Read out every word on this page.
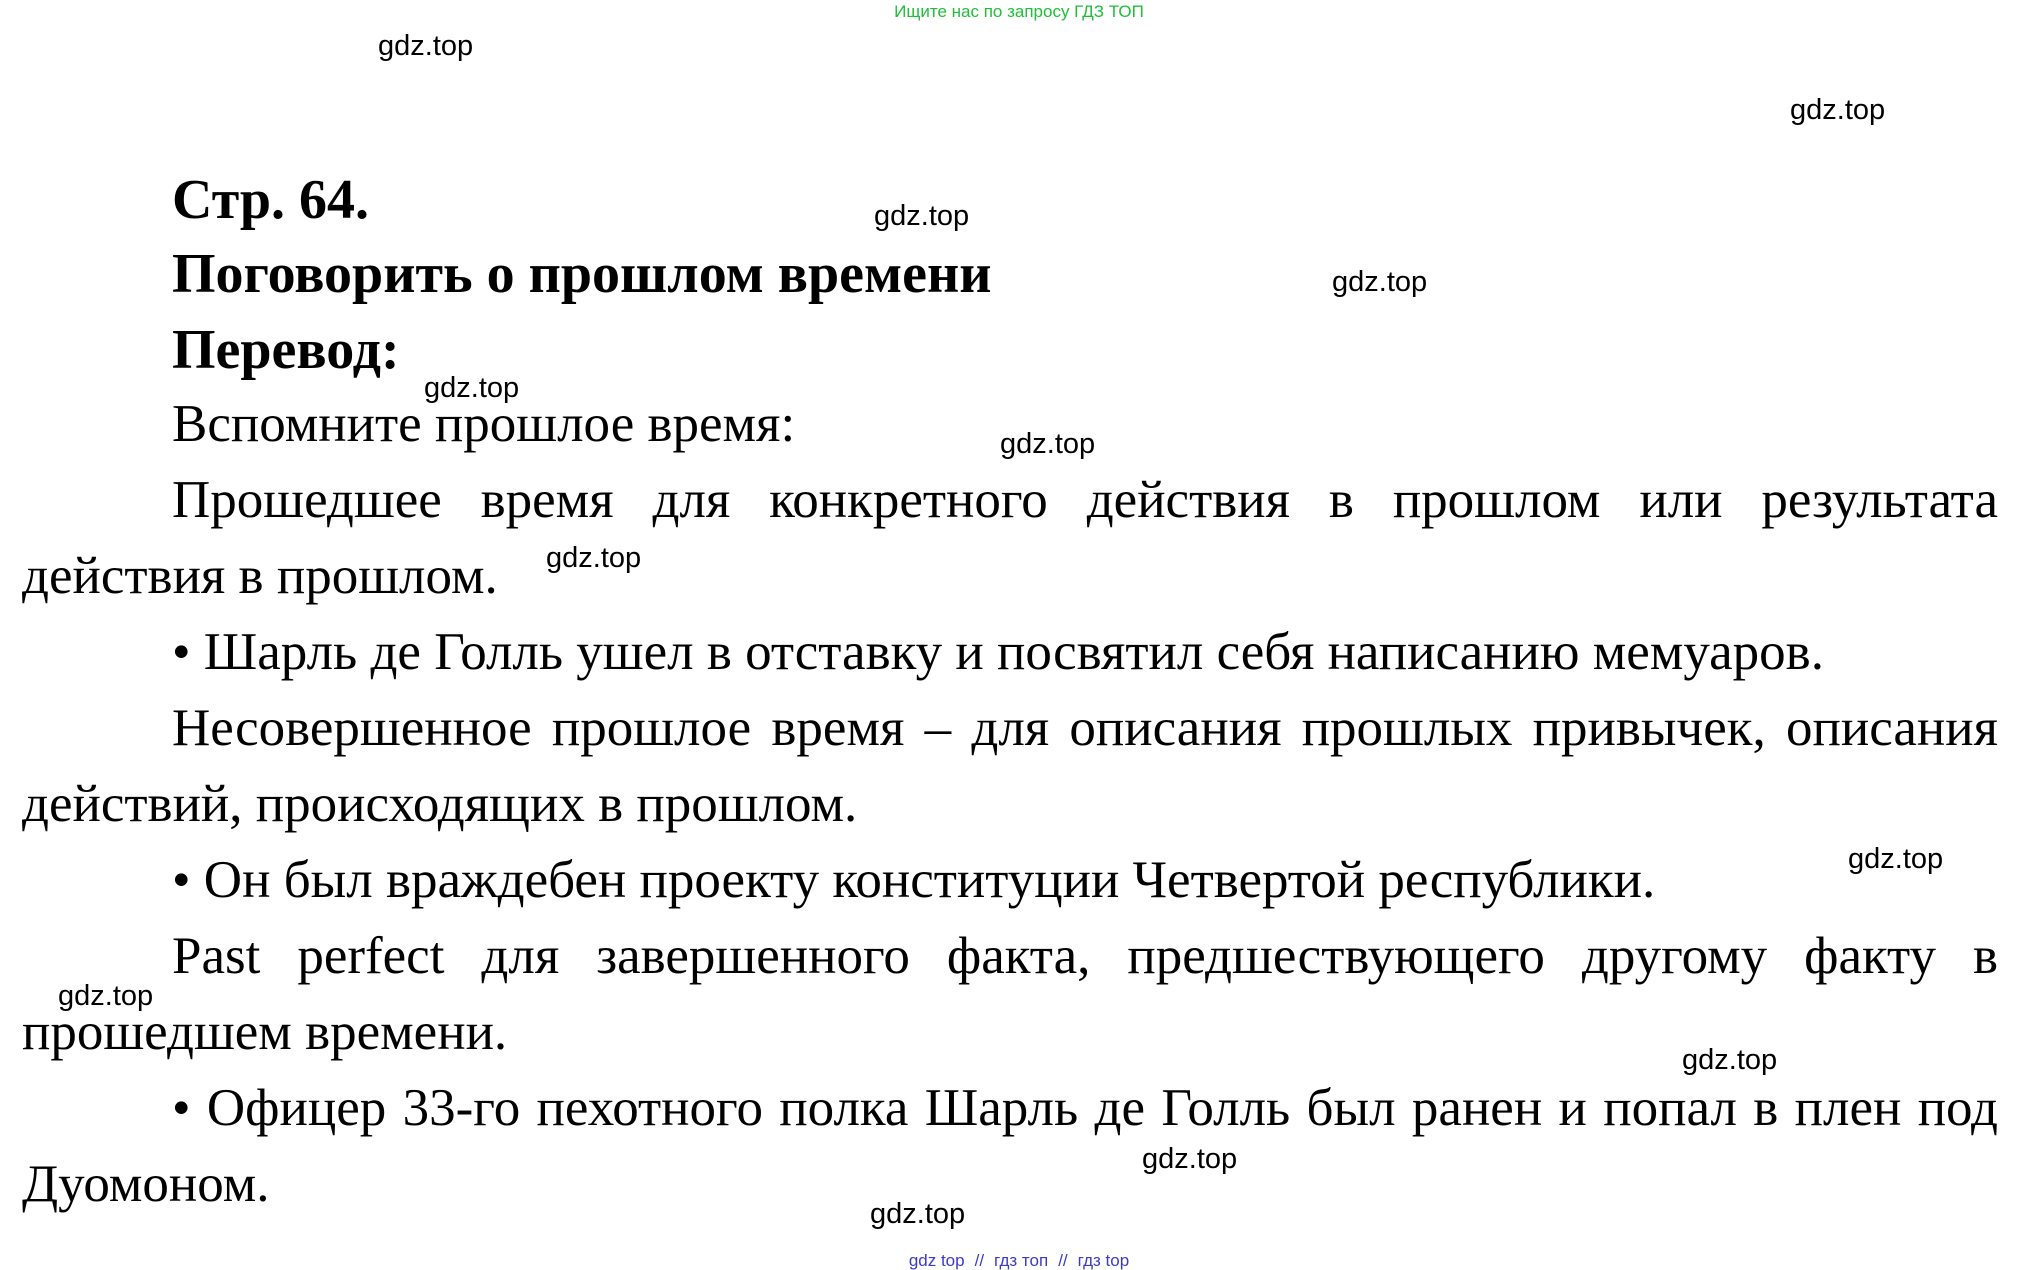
Ищите нас по запросу ГДЗ ТОП
gdz.top
gdz.top
gdz.top
gdz.top
gdz.top
gdz.top
gdz.top
gdz.top
gdz.top
gdz.top
gdz.top
gdz.top
Стр. 64.
Поговорить о прошлом времени
Перевод:
Вспомните прошлое время:
Прошедшее время для конкретного действия в прошлом или результата действия в прошлом.
• Шарль де Голль ушел в отставку и посвятил себя написанию мемуаров.
Несовершенное прошлое время – для описания прошлых привычек, описания действий, происходящих в прошлом.
• Он был враждебен проекту конституции Четвертой республики.
Past perfect для завершенного факта, предшествующего другому факту в прошедшем времени.
• Офицер 33-го пехотного полка Шарль де Голль был ранен и попал в плен под Дуомоном.
gdz top // гдз топ // гдз top
